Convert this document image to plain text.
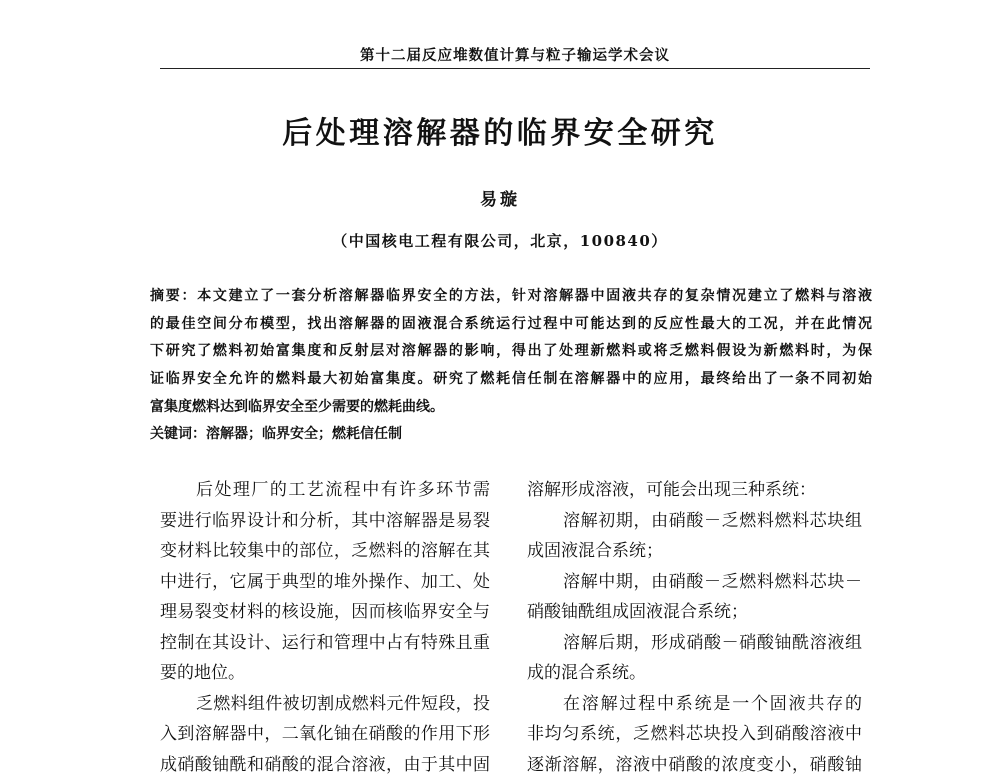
第十二届反应堆数值计算与粒子输运学术会议
后处理溶解器的临界安全研究
易璇
（中国核电工程有限公司，北京，100840）
摘要：本文建立了一套分析溶解器临界安全的方法，针对溶解器中固液共存的复杂情况建立了燃料与溶液
的最佳空间分布模型，找出溶解器的固液混合系统运行过程中可能达到的反应性最大的工况，并在此情况
下研究了燃料初始富集度和反射层对溶解器的影响，得出了处理新燃料或将乏燃料假设为新燃料时，为保
证临界安全允许的燃料最大初始富集度。研究了燃耗信任制在溶解器中的应用，最终给出了一条不同初始
富集度燃料达到临界安全至少需要的燃耗曲线。
关键词：溶解器；临界安全；燃耗信任制
后处理厂的工艺流程中有许多环节需
要进行临界设计和分析，其中溶解器是易裂
变材料比较集中的部位，乏燃料的溶解在其
中进行，它属于典型的堆外操作、加工、处
理易裂变材料的核设施，因而核临界安全与
控制在其设计、运行和管理中占有特殊且重
要的地位。
乏燃料组件被切割成燃料元件短段，投
入到溶解器中，二氧化铀在硝酸的作用下形
成硝酸铀酰和硝酸的混合溶液，由于其中固
溶解形成溶液，可能会出现三种系统：
溶解初期，由硝酸－乏燃料燃料芯块组
成固液混合系统；
溶解中期，由硝酸－乏燃料燃料芯块－
硝酸铀酰组成固液混合系统；
溶解后期，形成硝酸－硝酸铀酰溶液组
成的混合系统。
在溶解过程中系统是一个固液共存的
非均匀系统，乏燃料芯块投入到硝酸溶液中
逐渐溶解，溶液中硝酸的浓度变小，硝酸铀
